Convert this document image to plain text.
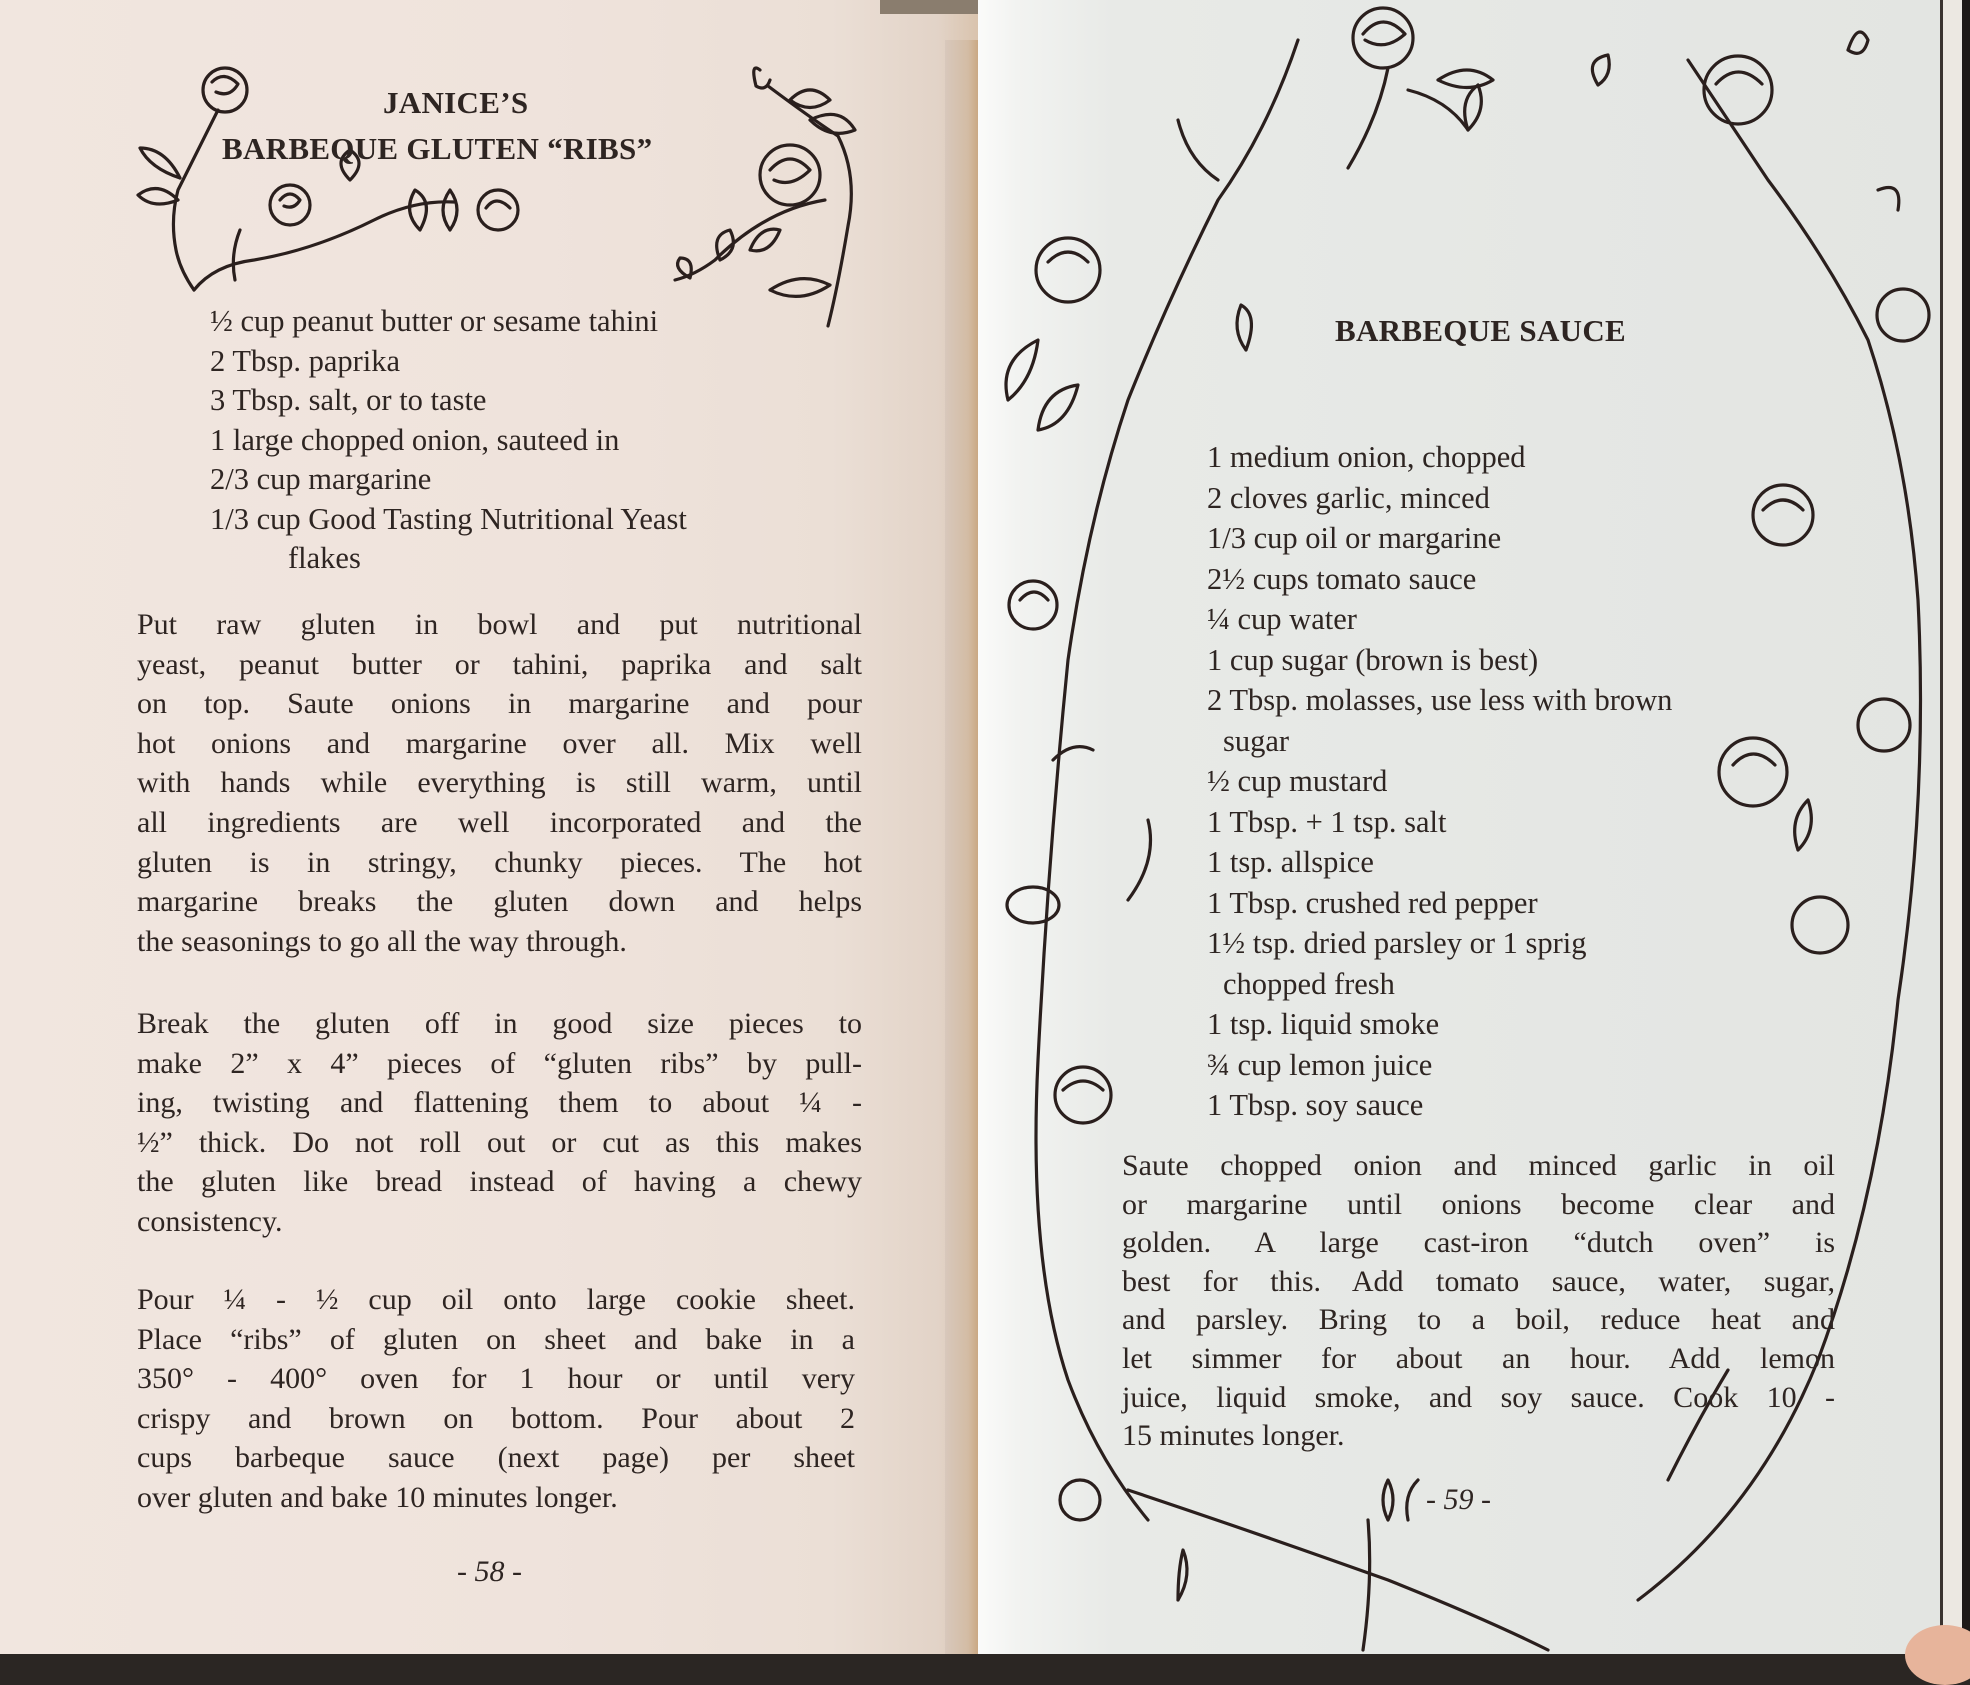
JANICE’S
BARBEQUE GLUTEN “RIBS”
½ cup peanut butter or sesame tahini
2 Tbsp. paprika
3 Tbsp. salt, or to taste
1 large chopped onion, sauteed in
2/3 cup margarine
1/3 cup Good Tasting Nutritional Yeast
flakes
Put raw gluten in bowl and put nutritional
yeast, peanut butter or tahini, paprika and salt
on top. Saute onions in margarine and pour
hot onions and margarine over all. Mix well
with hands while everything is still warm, until
all ingredients are well incorporated and the
gluten is in stringy, chunky pieces. The hot
margarine breaks the gluten down and helps
the seasonings to go all the way through.
Break the gluten off in good size pieces to
make 2” x 4” pieces of “gluten ribs” by pull-
ing, twisting and flattening them to about ¼ -
½” thick. Do not roll out or cut as this makes
the gluten like bread instead of having a chewy
consistency.
Pour ¼ - ½ cup oil onto large cookie sheet.
Place “ribs” of gluten on sheet and bake in a
350° - 400° oven for 1 hour or until very
crispy and brown on bottom. Pour about 2
cups barbeque sauce (next page) per sheet
over gluten and bake 10 minutes longer.
- 58 -
BARBEQUE SAUCE
1 medium onion, chopped
2 cloves garlic, minced
1/3 cup oil or margarine
2½ cups tomato sauce
¼ cup water
1 cup sugar (brown is best)
2 Tbsp. molasses, use less with brown
sugar
½ cup mustard
1 Tbsp. + 1 tsp. salt
1 tsp. allspice
1 Tbsp. crushed red pepper
1½ tsp. dried parsley or 1 sprig
chopped fresh
1 tsp. liquid smoke
¾ cup lemon juice
1 Tbsp. soy sauce
Saute chopped onion and minced garlic in oil
or margarine until onions become clear and
golden. A large cast-iron “dutch oven” is
best for this. Add tomato sauce, water, sugar,
and parsley. Bring to a boil, reduce heat and
let simmer for about an hour. Add lemon
juice, liquid smoke, and soy sauce. Cook 10 -
15 minutes longer.
- 59 -
